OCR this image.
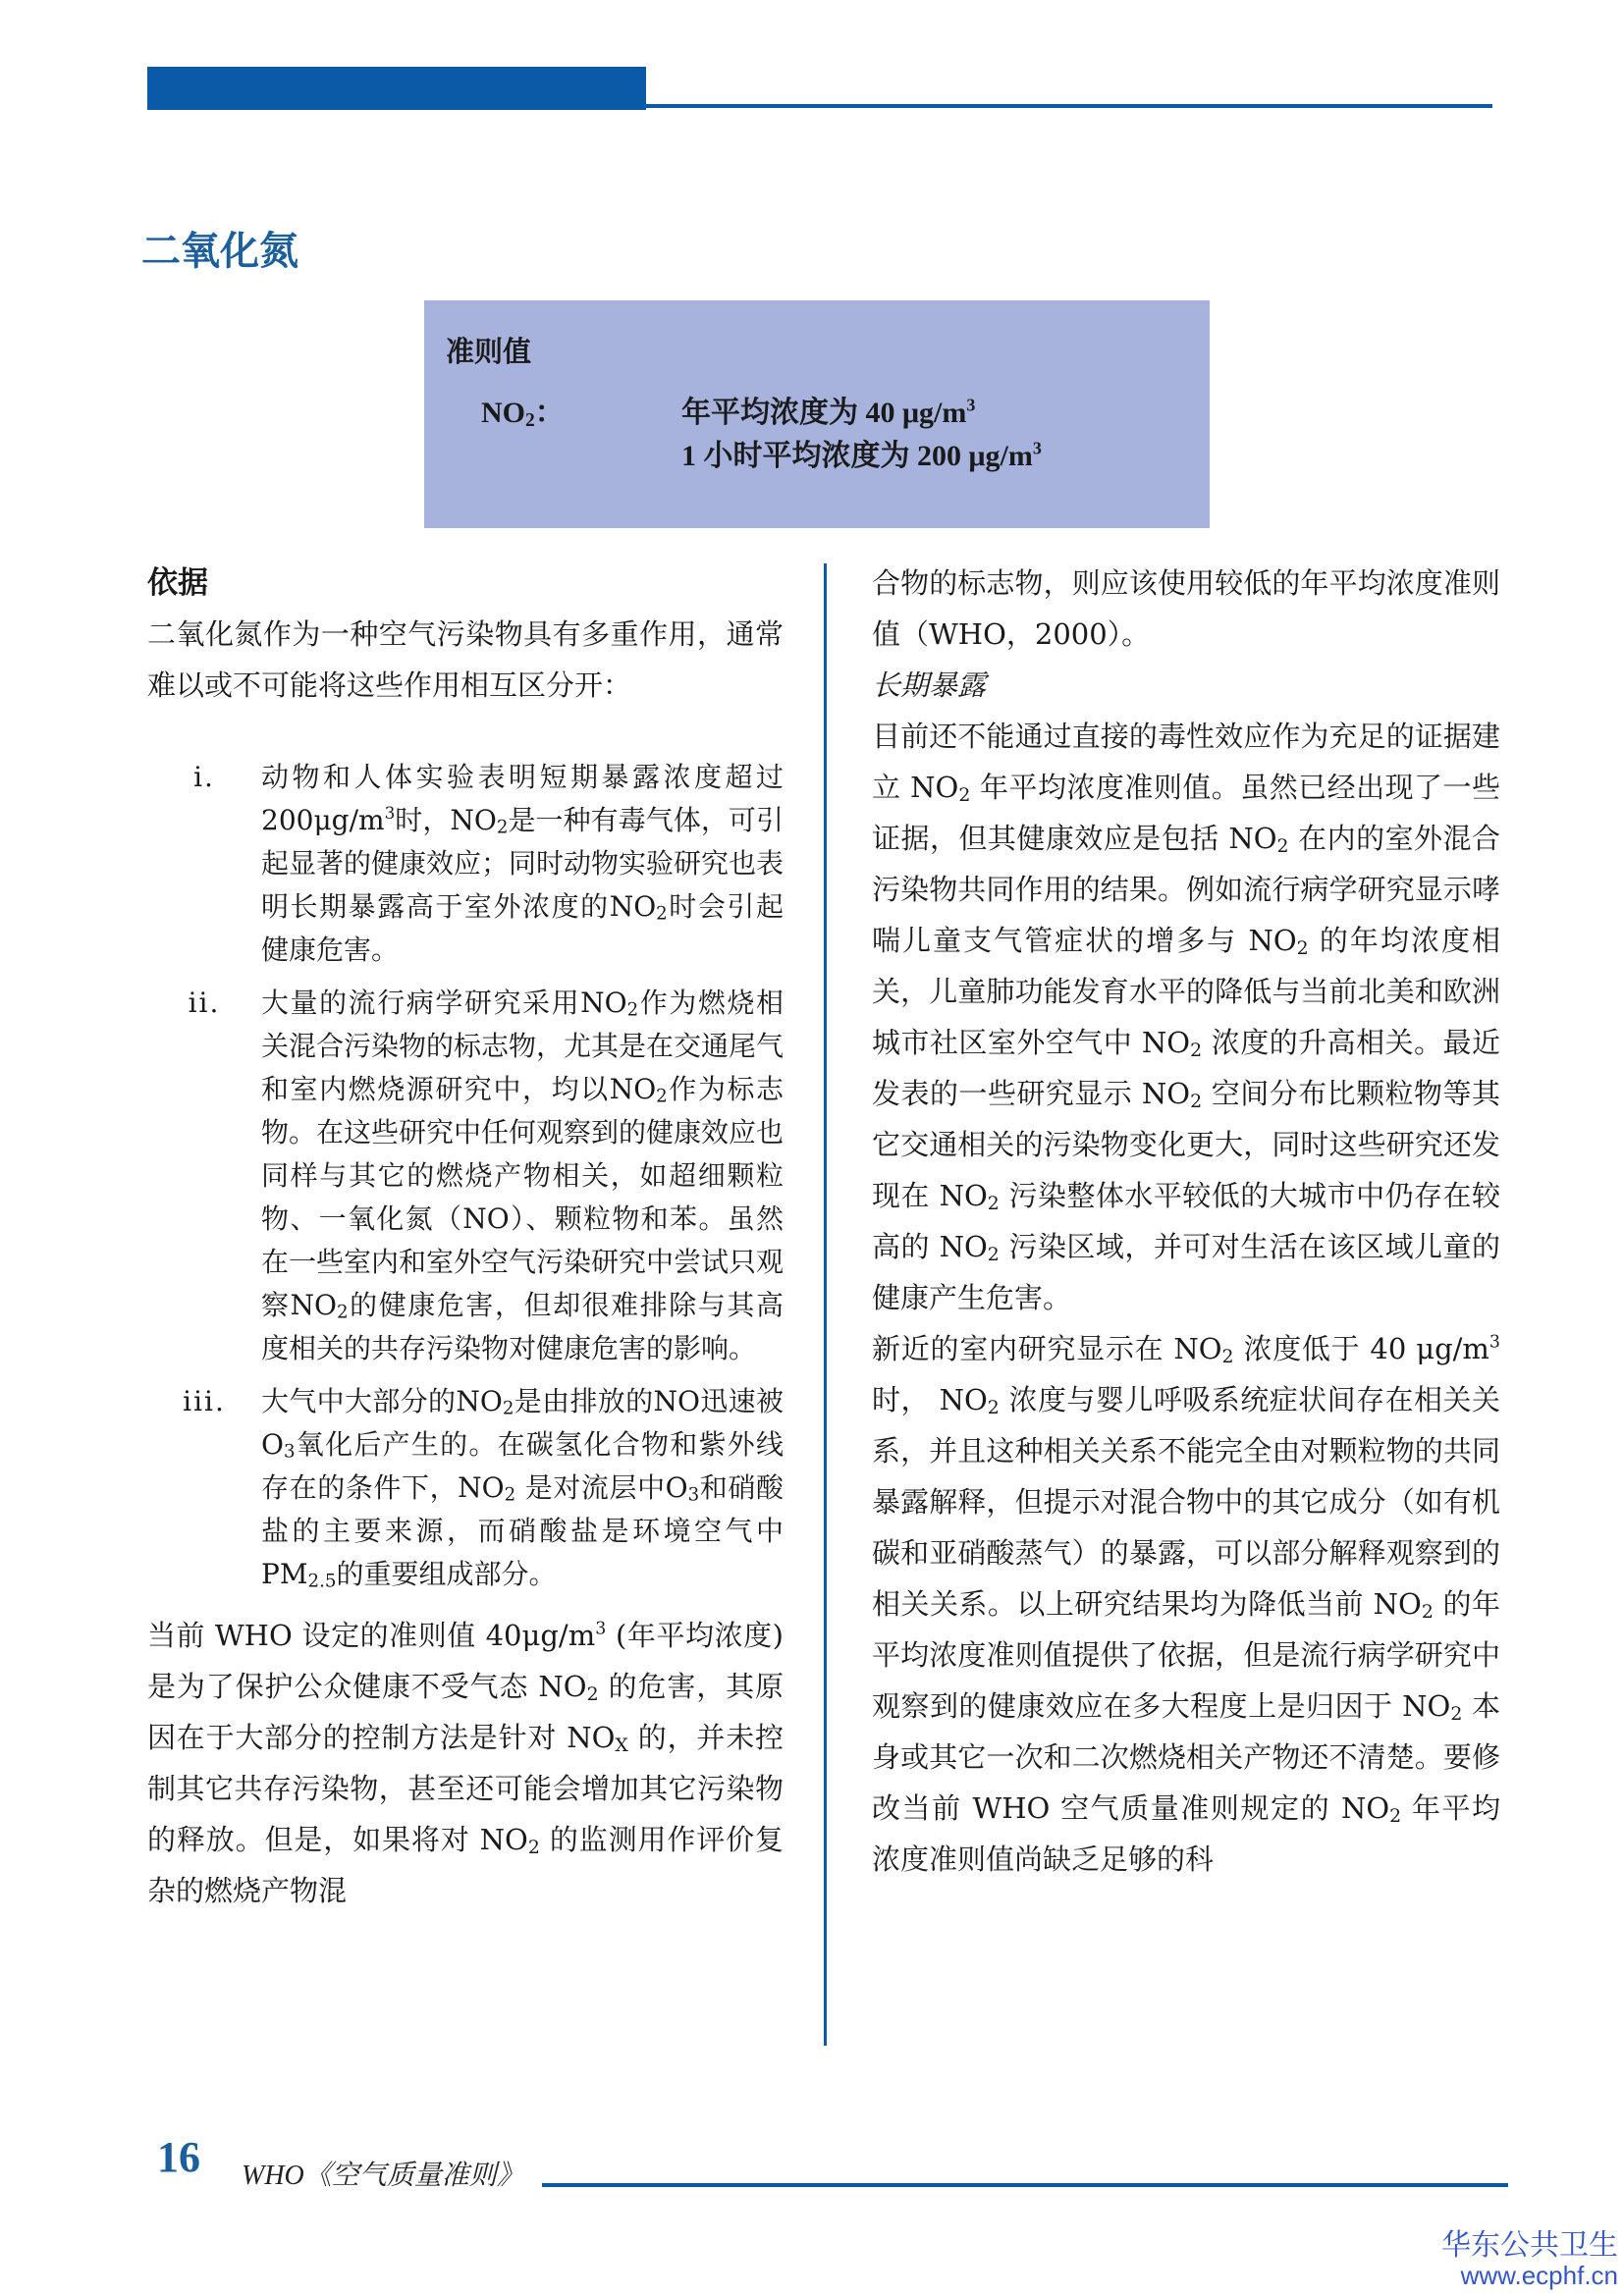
二氧化氮

准则值

$NO_2$：	年平均浓度为 40 $\mu g/m^3$
1 小时平均浓度为 200 $\mu g/m^3$

依据

二氧化氮作为一种空气污染物具有多重作用，通常难以或不可能将这些作用相互区分开：

i.	动物和人体实验表明短期暴露浓度超过$200\mu g/m^3$时，$NO_2$是一种有毒气体，可引起显著的健康效应；同时动物实验研究也表明长期暴露高于室外浓度的$NO_2$时会引起健康危害。
ii.	大量的流行病学研究采用$NO_2$作为燃烧相关混合污染物的标志物，尤其是在交通尾气和室内燃烧源研究中，均以$NO_2$作为标志物。在这些研究中任何观察到的健康效应也同样与其它的燃烧产物相关，如超细颗粒物、一氧化氮（NO）、颗粒物和苯。虽然在一些室内和室外空气污染研究中尝试只观察$NO_2$的健康危害，但却很难排除与其高度相关的共存污染物对健康危害的影响。
iii.	大气中大部分的$NO_2$是由排放的NO迅速被$O_3$氧化后产生的。在碳氢化合物和紫外线存在的条件下，$NO_2$ 是对流层中$O_3$和硝酸盐的主要来源，而硝酸盐是环境空气中$PM_{2.5}$的重要组成部分。

当前 WHO 设定的准则值 $40\mu g/m^3$ (年平均浓度)是为了保护公众健康不受气态 $NO_2$ 的危害，其原因在于大部分的控制方法是针对 $NO_X$ 的，并未控制其它共存污染物，甚至还可能会增加其它污染物的释放。但是，如果将对 $NO_2$ 的监测用作评价复杂的燃烧产物混

合物的标志物，则应该使用较低的年平均浓度准则值（WHO，2000）。

长期暴露

目前还不能通过直接的毒性效应作为充足的证据建立 $NO_2$ 年平均浓度准则值。虽然已经出现了一些证据，但其健康效应是包括 $NO_2$ 在内的室外混合污染物共同作用的结果。例如流行病学研究显示哮喘儿童支气管症状的增多与 $NO_2$ 的年均浓度相关，儿童肺功能发育水平的降低与当前北美和欧洲城市社区室外空气中 $NO_2$ 浓度的升高相关。最近发表的一些研究显示 $NO_2$ 空间分布比颗粒物等其它交通相关的污染物变化更大，同时这些研究还发现在 $NO_2$ 污染整体水平较低的大城市中仍存在较高的 $NO_2$ 污染区域，并可对生活在该区域儿童的健康产生危害。

新近的室内研究显示在 $NO_2$ 浓度低于 40 $\mu g/m^3$ 时， $NO_2$ 浓度与婴儿呼吸系统症状间存在相关关系，并且这种相关关系不能完全由对颗粒物的共同暴露解释，但提示对混合物中的其它成分（如有机碳和亚硝酸蒸气）的暴露，可以部分解释观察到的相关关系。以上研究结果均为降低当前 $NO_2$ 的年平均浓度准则值提供了依据，但是流行病学研究中观察到的健康效应在多大程度上是归因于 $NO_2$ 本身或其它一次和二次燃烧相关产物还不清楚。要修改当前 WHO 空气质量准则规定的 $NO_2$ 年平均浓度准则值尚缺乏足够的科

16 WHO《空气质量准则》
华东公共卫生
www.ecphf.cn
